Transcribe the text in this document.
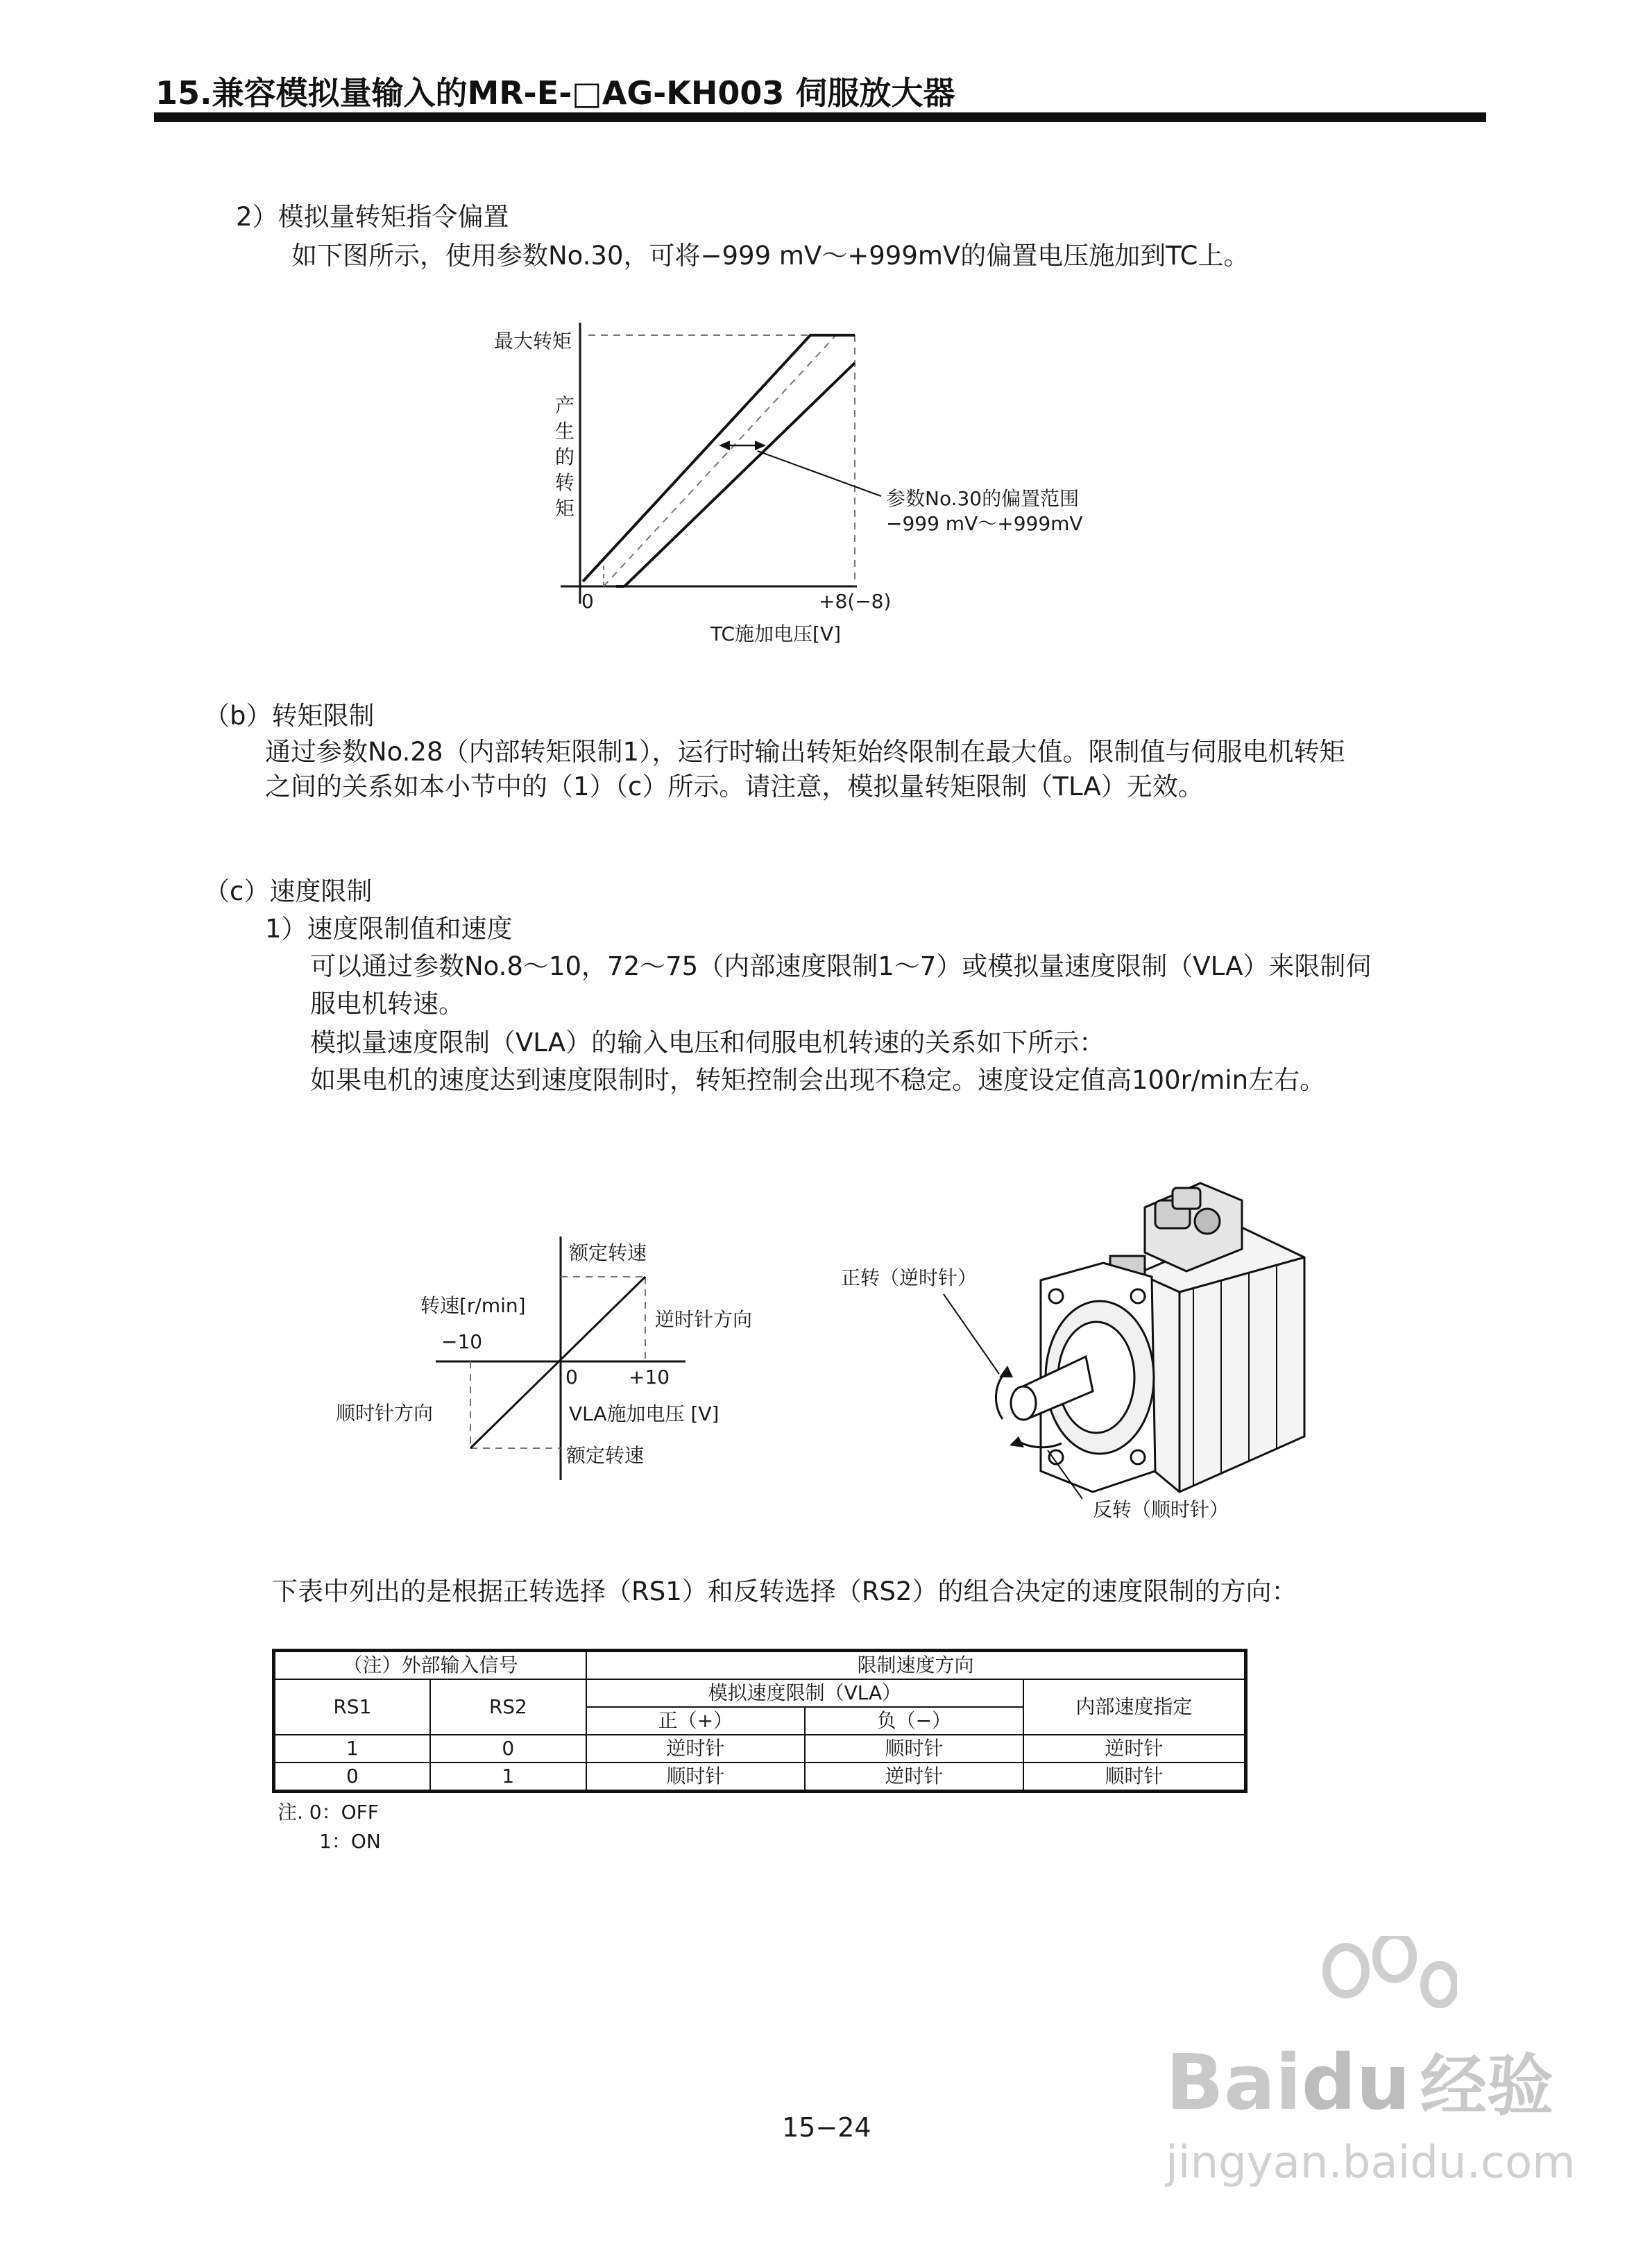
15.兼容模拟量输入的MR-E-□AG-KH003 伺服放大器
2）模拟量转矩指令偏置
如下图所示，使用参数No.30，可将−999 mV～+999mV的偏置电压施加到TC上。
最大转矩
产
生
的
转
矩
0	+8(−8)
TC施加电压[V]
参数No.30的偏置范围
−999 mV～+999mV
（b）转矩限制
通过参数No.28（内部转矩限制1），运行时输出转矩始终限制在最大值。限制值与伺服电机转矩
之间的关系如本小节中的（1）（c）所示。请注意，模拟量转矩限制（TLA）无效。
（c）速度限制
1）速度限制值和速度
可以通过参数No.8～10，72～75（内部速度限制1～7）或模拟量速度限制（VLA）来限制伺
服电机转速。
模拟量速度限制（VLA）的输入电压和伺服电机转速的关系如下所示：
如果电机的速度达到速度限制时，转矩控制会出现不稳定。速度设定值高100r/min左右。
额定转速
转速[r/min]
逆时针方向
−10
0	+10
顺时针方向	VLA施加电压 [V]
额定转速
正转（逆时针）
反转（顺时针）
下表中列出的是根据正转选择（RS1）和反转选择（RS2）的组合决定的速度限制的方向：
（注）外部输入信号		限制速度方向		
RS1	RS2	模拟速度限制（VLA）		内部速度指定
		正（+）	负（−）	
1	0	逆时针	顺时针	逆时针
0	1	顺时针	逆时针	顺时针
注. 0：OFF
1：ON
Baidu 经验
jingyan.baidu.com
15−24
